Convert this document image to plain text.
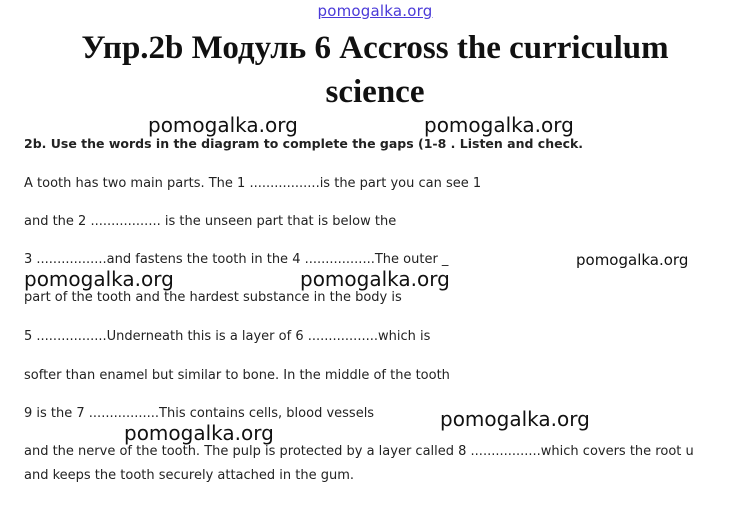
pomogalka.org
Упр.2b Модуль 6 Accross the curriculum
science
pomogalka.org	pomogalka.org
2b. Use the words in the diagram to complete the gaps (1-8 . Listen and check.
A tooth has two main parts. The 1 .................is the part you can see 1
and the 2 ................. is the unseen part that is below the
3 .................and fastens the tooth in the 4 .................The outer _	pomogalka.org
pomogalka.org	pomogalka.org
part of the tooth and the hardest substance in the body is
5 .................Underneath this is a layer of 6 .................which is
softer than enamel but similar to bone. In the middle of the tooth
9 is the 7 .................This contains cells, blood vessels	pomogalka.org
pomogalka.org
and the nerve of the tooth. The pulp is protected by a layer called 8 .................which covers the root u
and keeps the tooth securely attached in the gum.
